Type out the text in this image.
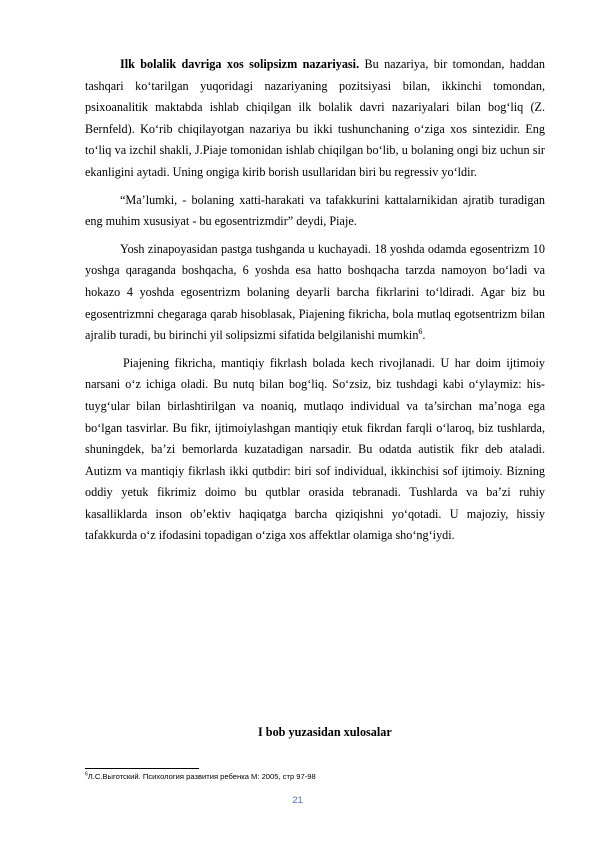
Ilk bolalik davriga xos solipsizm nazariyasi. Bu nazariya, bir tomondan, haddan tashqari ko‘tarilgan yuqoridagi nazariyaning pozitsiyasi bilan, ikkinchi tomondan, psixoanalitik maktabda ishlab chiqilgan ilk bolalik davri nazariyalari bilan bog‘liq (Z. Bernfeld). Ko‘rib chiqilayotgan nazariya bu ikki tushunchaning o‘ziga xos sintezidir. Eng to‘liq va izchil shakli, J.Piaje tomonidan ishlab chiqilgan bo‘lib, u bolaning ongi biz uchun sir ekanligini aytadi. Uning ongiga kirib borish usullaridan biri bu regressiv yo‘ldir.

“Ma’lumki, - bolaning xatti-harakati va tafakkurini kattalarnikidan ajratib turadigan eng muhim xususiyat - bu egosentrizmdir” deydi, Piaje.

Yosh zinapoyasidan pastga tushganda u kuchayadi. 18 yoshda odamda egosentrizm 10 yoshga qaraganda boshqacha, 6 yoshda esa hatto boshqacha tarzda namoyon bo‘ladi va hokazo 4 yoshda egosentrizm bolaning deyarli barcha fikrlarini to‘ldiradi. Agar biz bu egosentrizmni chegaraga qarab hisoblasak, Piajening fikricha, bola mutlaq egotsentrizm bilan ajralib turadi, bu birinchi yil solipsizmi sifatida belgilanishi mumkin$^6$.

Piajening fikricha, mantiqiy fikrlash bolada kech rivojlanadi. U har doim ijtimoiy narsani o‘z ichiga oladi. Bu nutq bilan bog‘liq. So‘zsiz, biz tushdagi kabi o‘ylaymiz: his-tuyg‘ular bilan birlashtirilgan va noaniq, mutlaqo individual va ta’sirchan ma’noga ega bo‘lgan tasvirlar. Bu fikr, ijtimoiylashgan mantiqiy etuk fikrdan farqli o‘laroq, biz tushlarda, shuningdek, ba’zi bemorlarda kuzatadigan narsadir. Bu odatda autistik fikr deb ataladi. Autizm va mantiqiy fikrlash ikki qutbdir: biri sof individual, ikkinchisi sof ijtimoiy. Bizning oddiy yetuk fikrimiz doimo bu qutblar orasida tebranadi. Tushlarda va ba’zi ruhiy kasalliklarda inson ob’ektiv haqiqatga barcha qiziqishni yo‘qotadi. U majoziy, hissiy tafakkurda o‘z ifodasini topadigan o‘ziga xos affektlar olamiga sho‘ng‘iydi.

I bob yuzasidan xulosalar
$^6$Л.С.Выготский. Психология развития ребенка М: 2005, стр 97-98
21
